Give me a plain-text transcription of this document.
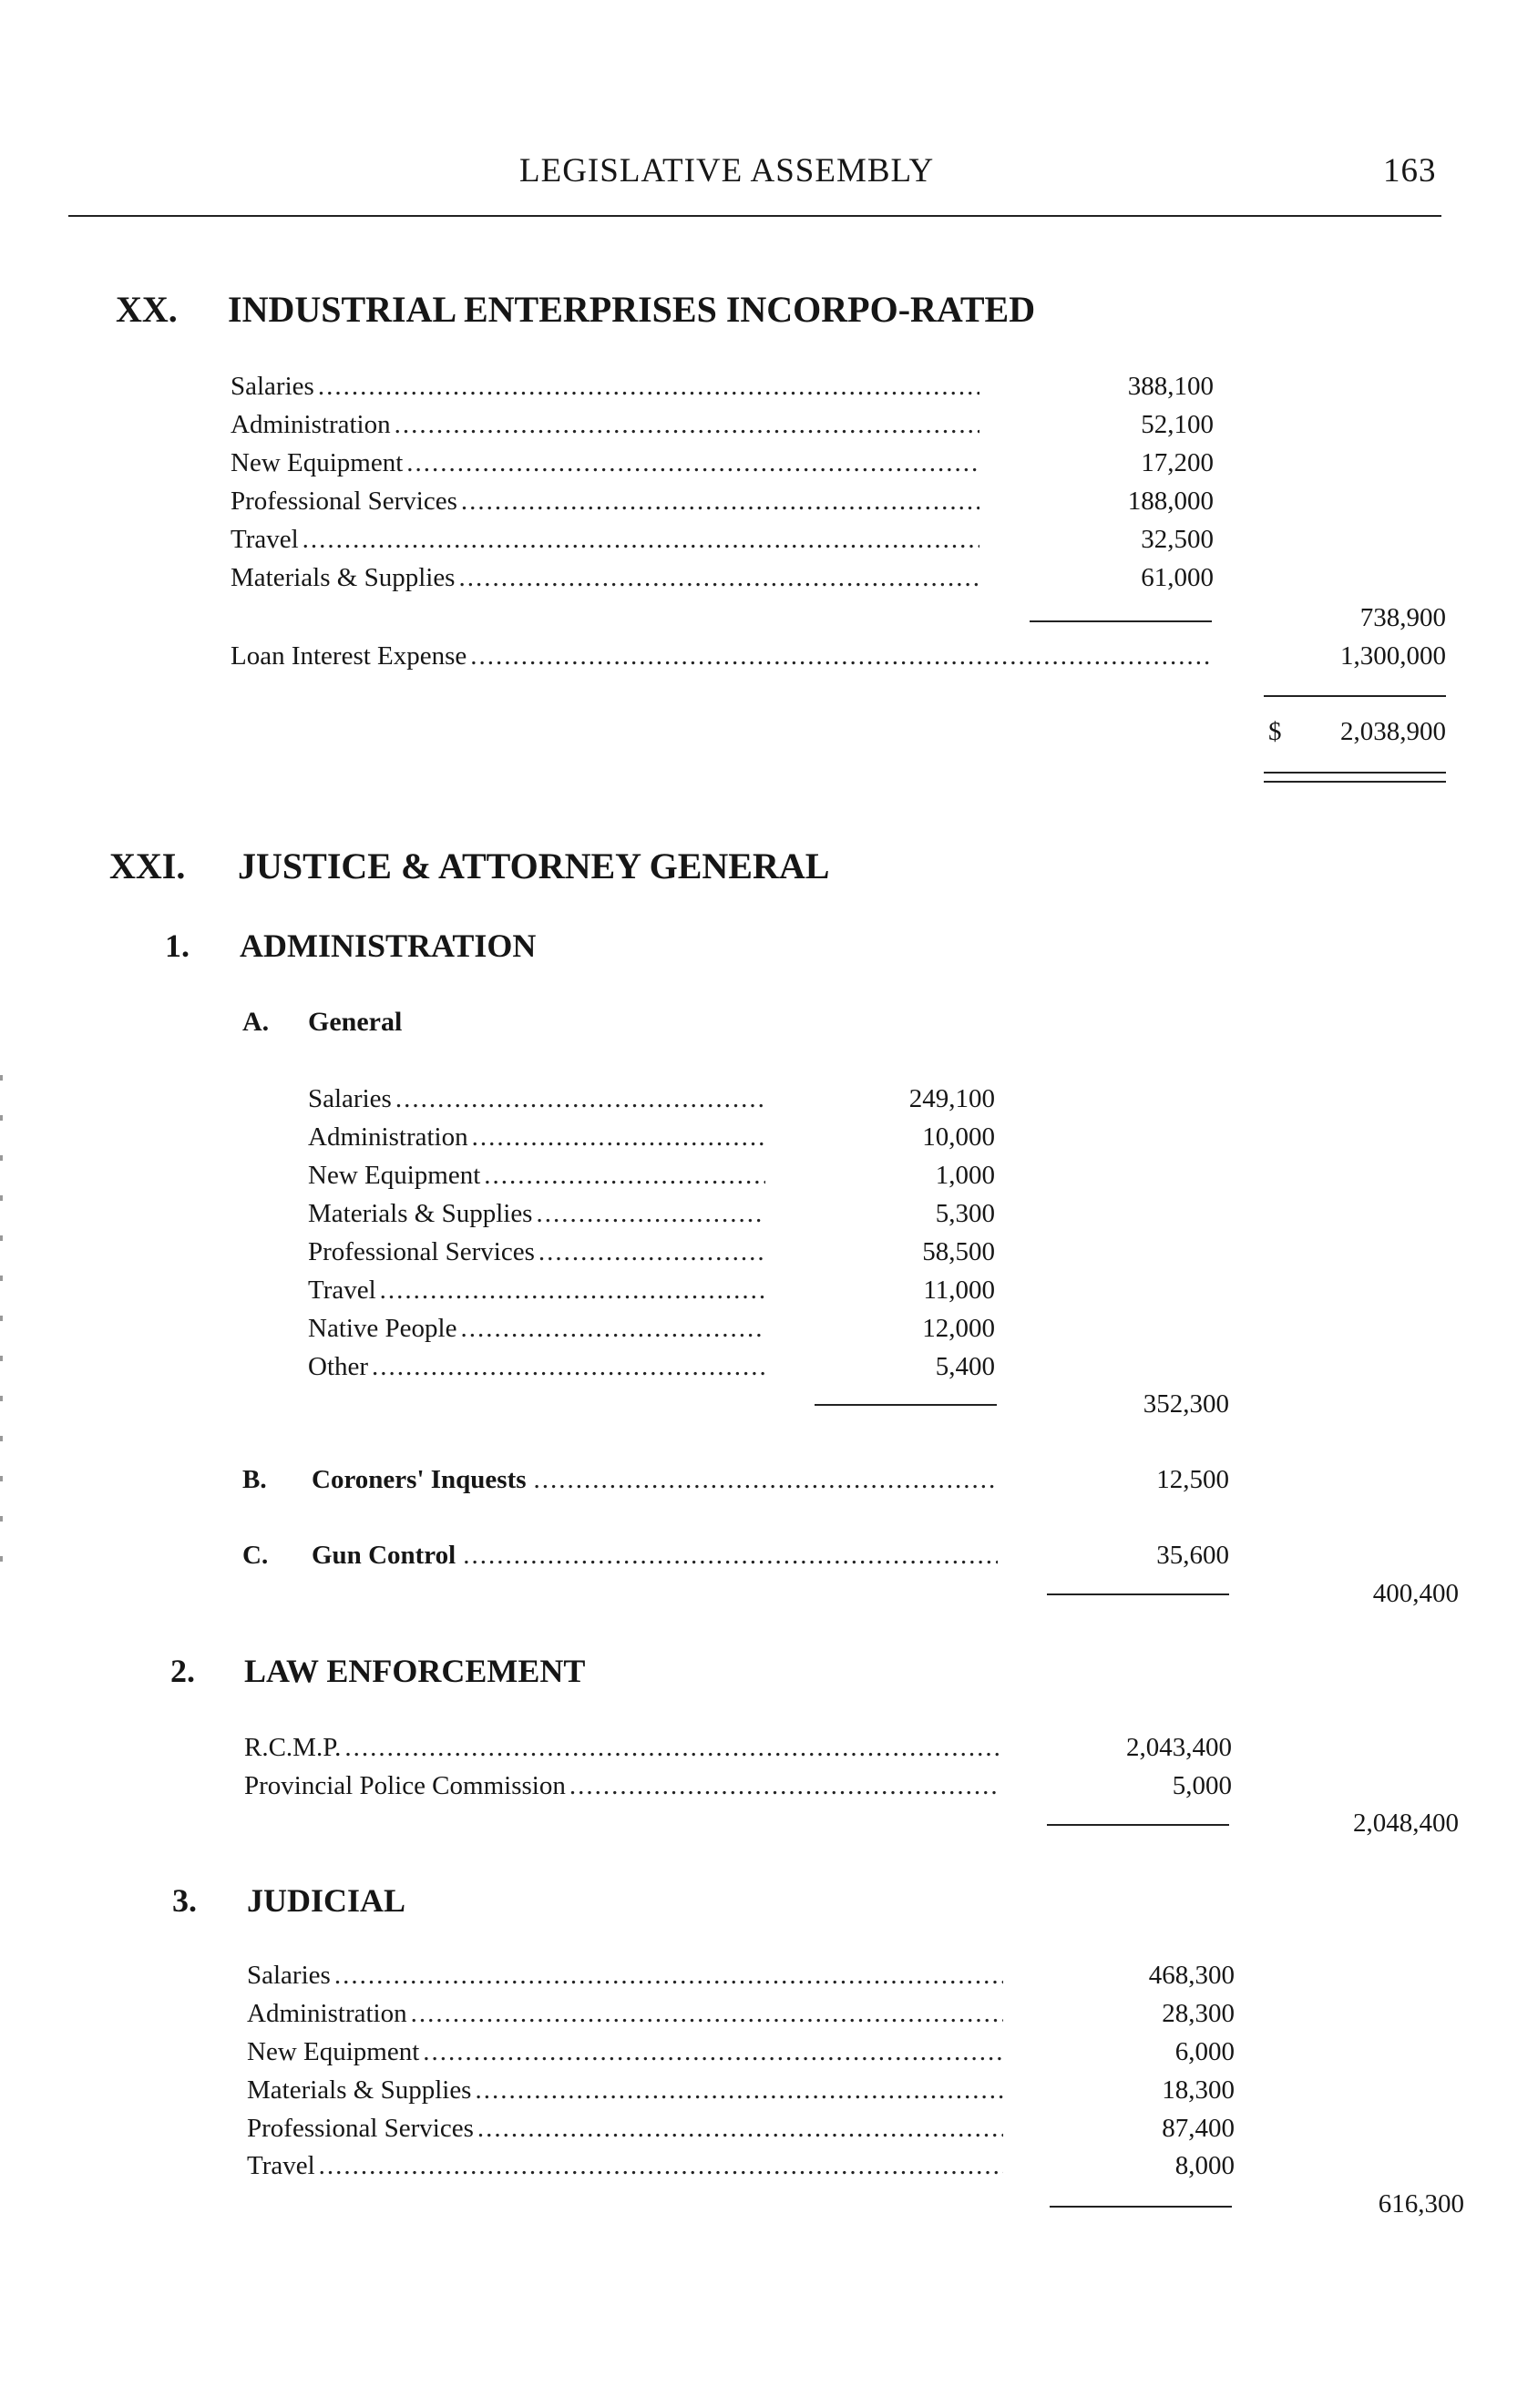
LEGISLATIVE ASSEMBLY	163
XX. INDUSTRIAL ENTERPRISES INCORPO-RATED
Salaries .....	388,100
Administration .....	52,100
New Equipment .....	17,200
Professional Services .....	188,000
Travel .....	32,500
Materials & Supplies .....	61,000
738,900
Loan Interest Expense .....	1,300,000
$ 2,038,900
XXI. JUSTICE & ATTORNEY GENERAL
1. ADMINISTRATION
A. General
Salaries .....	249,100
Administration .....	10,000
New Equipment .....	1,000
Materials & Supplies .....	5,300
Professional Services .....	58,500
Travel .....	11,000
Native People .....	12,000
Other .....	5,400
352,300
B.	Coroners' Inquests .....	12,500
C.	Gun Control .....	35,600
400,400
2. LAW ENFORCEMENT
R.C.M.P. .....	2,043,400
Provincial Police Commission .....	5,000
2,048,400
3. JUDICIAL
Salaries .....	468,300
Administration .....	28,300
New Equipment .....	6,000
Materials & Supplies .....	18,300
Professional Services .....	87,400
Travel .....	8,000
616,300
